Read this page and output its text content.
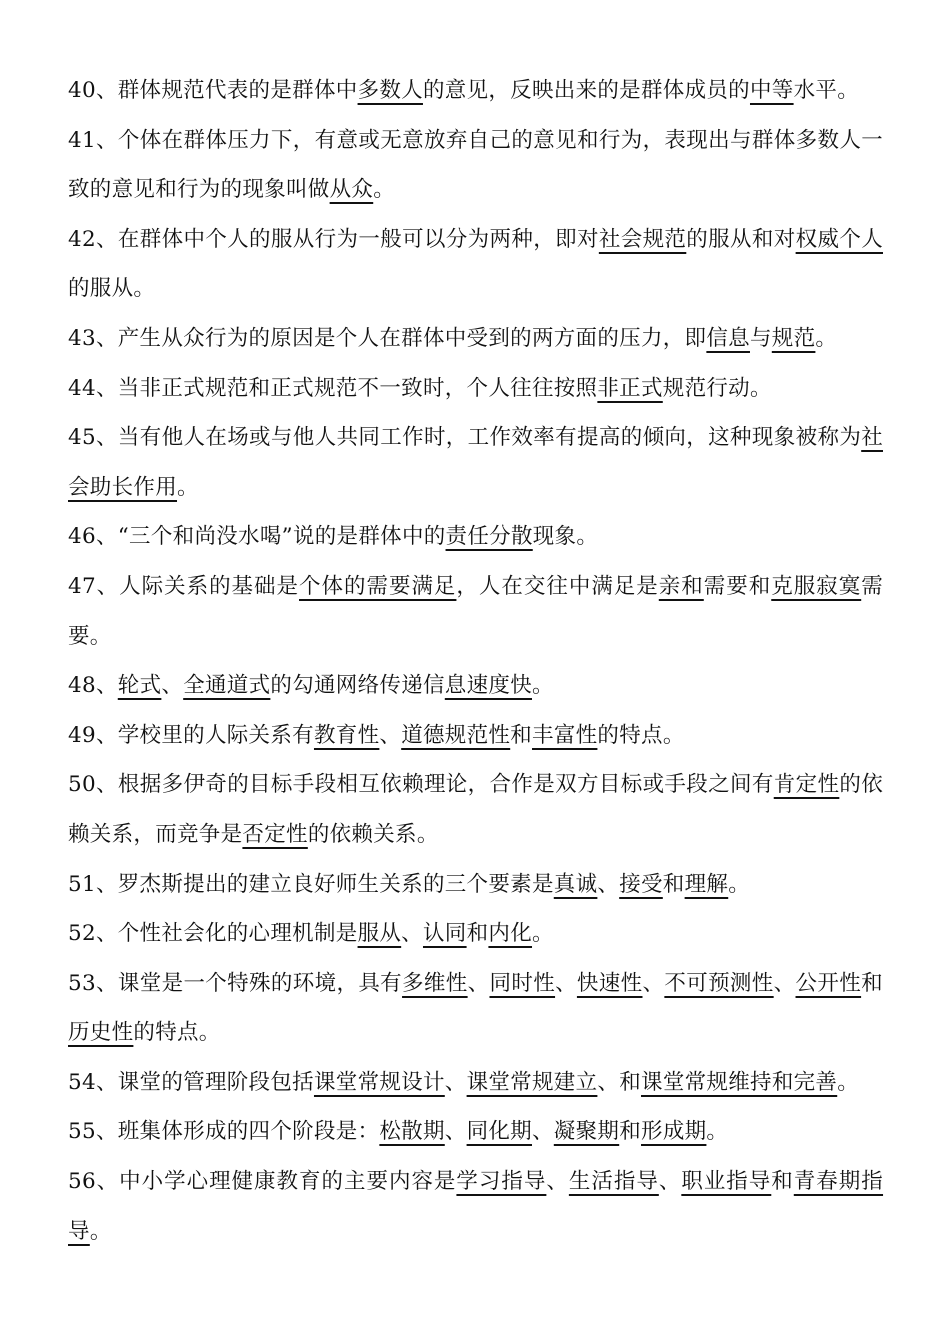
40、群体规范代表的是群体中多数人的意见，反映出来的是群体成员的中等水平。

41、个体在群体压力下，有意或无意放弃自己的意见和行为，表现出与群体多数人一致的意见和行为的现象叫做从众。

42、在群体中个人的服从行为一般可以分为两种，即对社会规范的服从和对权威个人的服从。

43、产生从众行为的原因是个人在群体中受到的两方面的压力，即信息与规范。

44、当非正式规范和正式规范不一致时，个人往往按照非正式规范行动。

45、当有他人在场或与他人共同工作时，工作效率有提高的倾向，这种现象被称为社会助长作用。

46、“三个和尚没水喝”说的是群体中的责任分散现象。

47、人际关系的基础是个体的需要满足，人在交往中满足是亲和需要和克服寂寞需要。

48、轮式、全通道式的勾通网络传递信息速度快。

49、学校里的人际关系有教育性、道德规范性和丰富性的特点。

50、根据多伊奇的目标手段相互依赖理论，合作是双方目标或手段之间有肯定性的依赖关系，而竞争是否定性的依赖关系。

51、罗杰斯提出的建立良好师生关系的三个要素是真诚、接受和理解。

52、个性社会化的心理机制是服从、认同和内化。

53、课堂是一个特殊的环境，具有多维性、同时性、快速性、不可预测性、公开性和历史性的特点。

54、课堂的管理阶段包括课堂常规设计、课堂常规建立、和课堂常规维持和完善。

55、班集体形成的四个阶段是：松散期、同化期、凝聚期和形成期。

56、中小学心理健康教育的主要内容是学习指导、生活指导、职业指导和青春期指导。
